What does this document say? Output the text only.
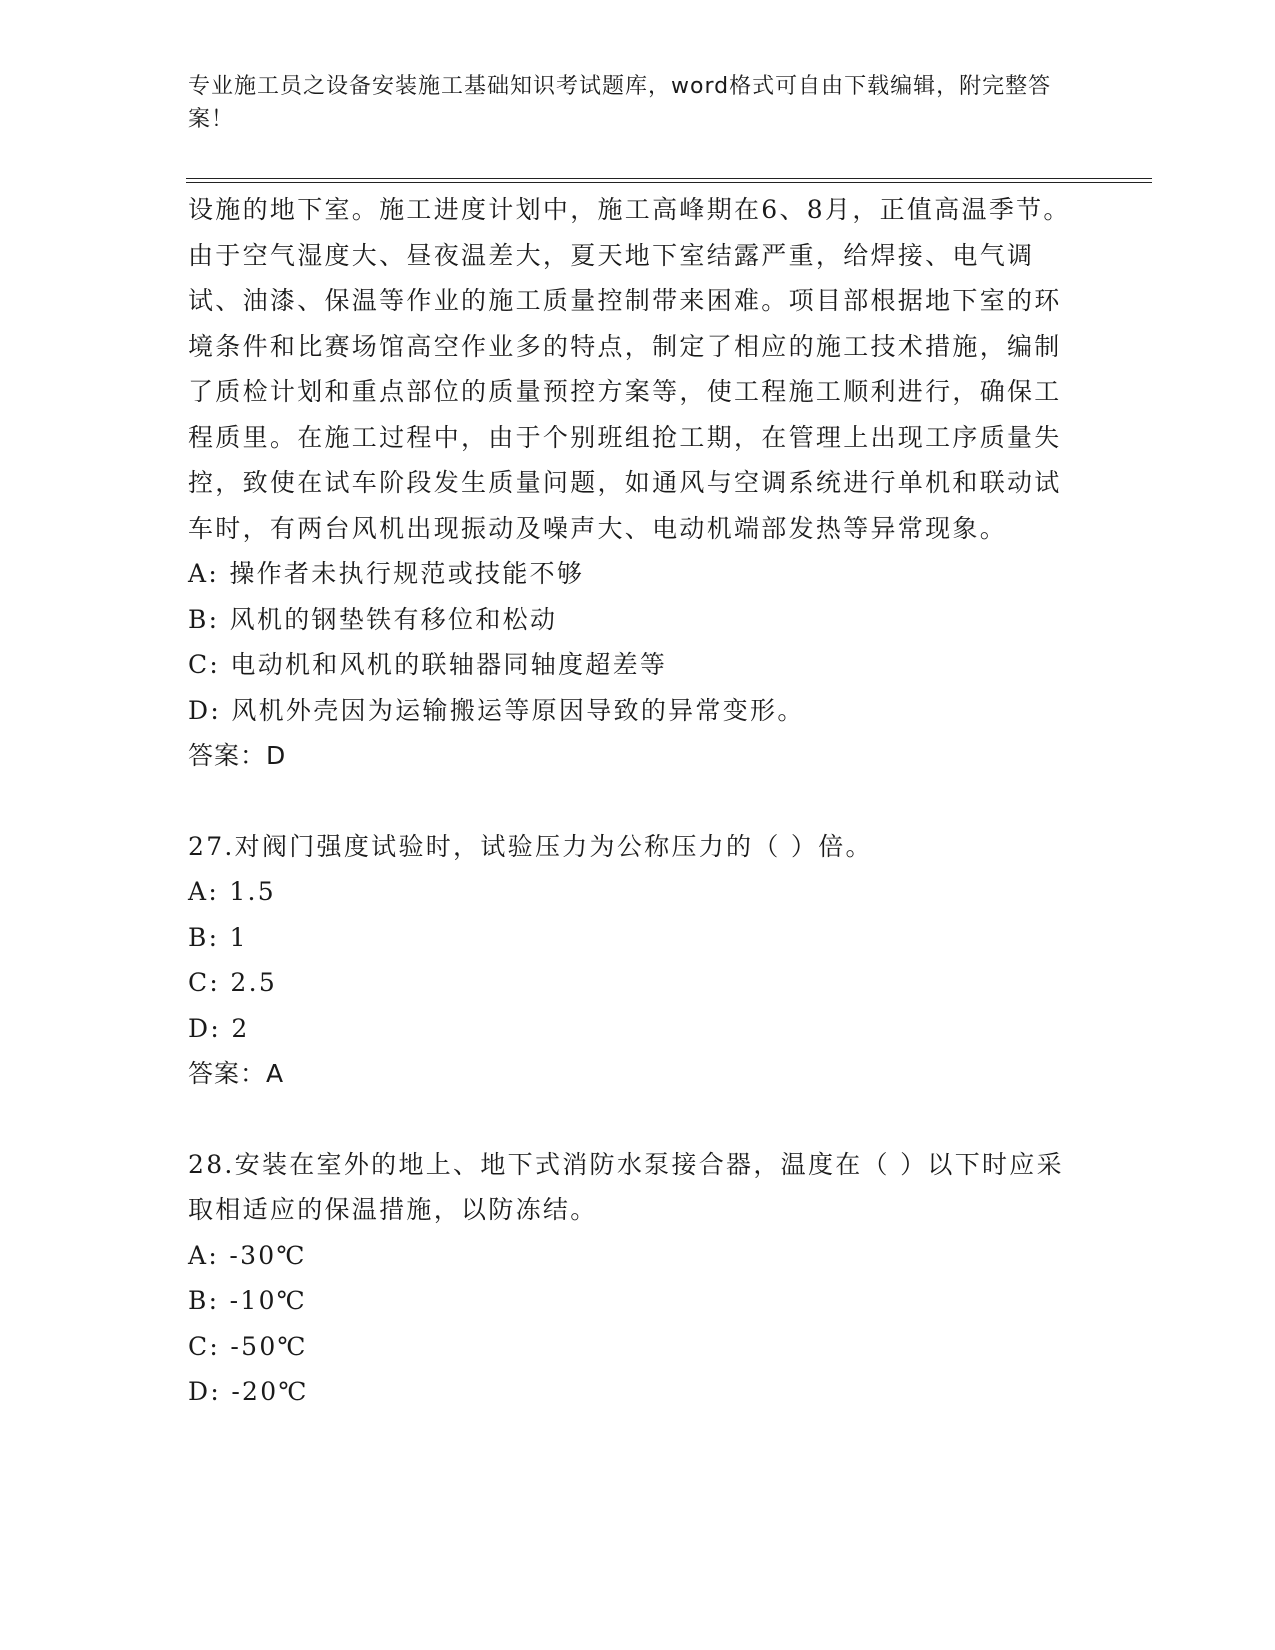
专业施工员之设备安装施工基础知识考试题库，word格式可自由下载编辑，附完整答案！
设施的地下室。施工进度计划中，施工高峰期在6、8月，正值高温季节。由于空气湿度大、昼夜温差大，夏天地下室结露严重，给焊接、电气调试、油漆、保温等作业的施工质量控制带来困难。项目部根据地下室的环境条件和比赛场馆高空作业多的特点，制定了相应的施工技术措施，编制了质检计划和重点部位的质量预控方案等，使工程施工顺利进行，确保工程质里。在施工过程中，由于个别班组抢工期，在管理上出现工序质量失控，致使在试车阶段发生质量问题，如通风与空调系统进行单机和联动试车时，有两台风机出现振动及噪声大、电动机端部发热等异常现象。
A: 操作者未执行规范或技能不够
B: 风机的钢垫铁有移位和松动
C: 电动机和风机的联轴器同轴度超差等
D: 风机外壳因为运输搬运等原因导致的异常变形。
答案：D
27.对阀门强度试验时，试验压力为公称压力的（ ）倍。
A: 1.5
B: 1
C: 2.5
D: 2
答案：A
28.安装在室外的地上、地下式消防水泵接合器，温度在（ ）以下时应采取相适应的保温措施，以防冻结。
A: -30℃
B: -10℃
C: -50℃
D: -20℃
